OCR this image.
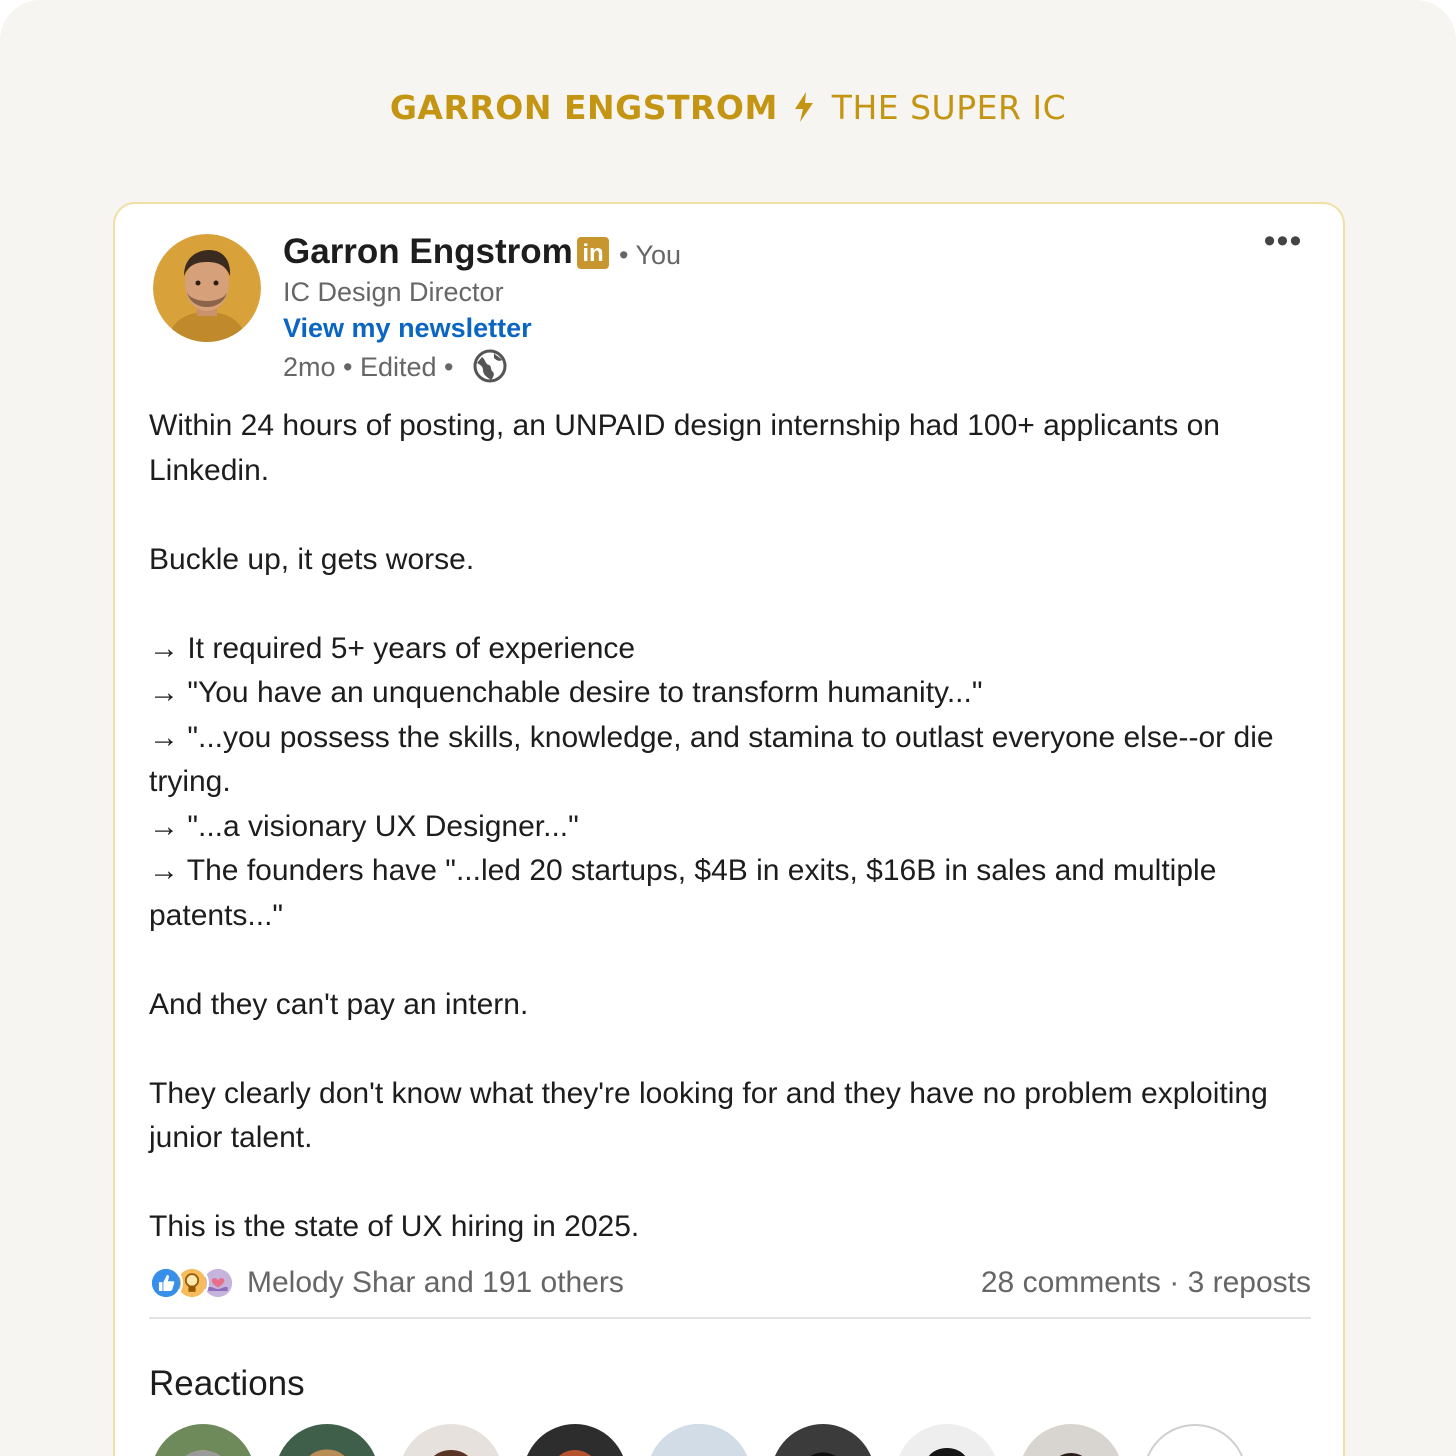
GARRON ENGSTROM THE SUPER IC
Garron Engstrom in • You
IC Design Director
View my newsletter
2mo • Edited •
•••

Within 24 hours of posting, an UNPAID design internship had 100+ applicants on Linkedin.

Buckle up, it gets worse.

→ It required 5+ years of experience

→ "You have an unquenchable desire to transform humanity..."

→ "...you possess the skills, knowledge, and stamina to outlast everyone else--or die trying.

→ "...a visionary UX Designer..."

→ The founders have "...led 20 startups, $4B in exits, $16B in sales and multiple patents..."

And they can't pay an intern.

They clearly don't know what they're looking for and they have no problem exploiting junior talent.

This is the state of UX hiring in 2025.

Melody Shar and 191 others	28 comments · 3 reposts
Reactions
